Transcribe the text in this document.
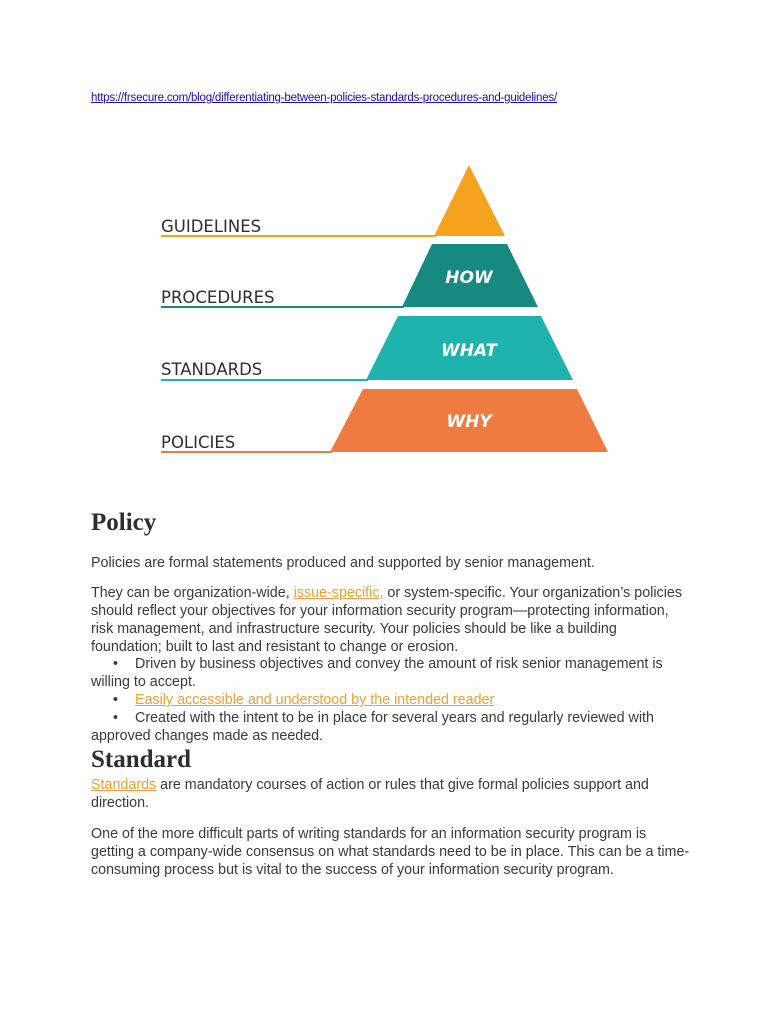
https://frsecure.com/blog/differentiating-between-policies-standards-procedures-and-guidelines/
GUIDELINES
PROCEDURES
STANDARDS
POLICIES
HOW
WHAT
WHY
Policy

Policies are formal statements produced and supported by senior management.

They can be organization-wide, issue-specific, or system-specific. Your organization’s policies should reflect your objectives for your information security program—protecting information, risk management, and infrastructure security. Your policies should be like a building foundation; built to last and resistant to change or erosion.

• Driven by business objectives and convey the amount of risk senior management is willing to accept.
• Easily accessible and understood by the intended reader
• Created with the intent to be in place for several years and regularly reviewed with approved changes made as needed.
Standard

Standards are mandatory courses of action or rules that give formal policies support and direction.

One of the more difficult parts of writing standards for an information security program is getting a company-wide consensus on what standards need to be in place. This can be a time-consuming process but is vital to the success of your information security program.
